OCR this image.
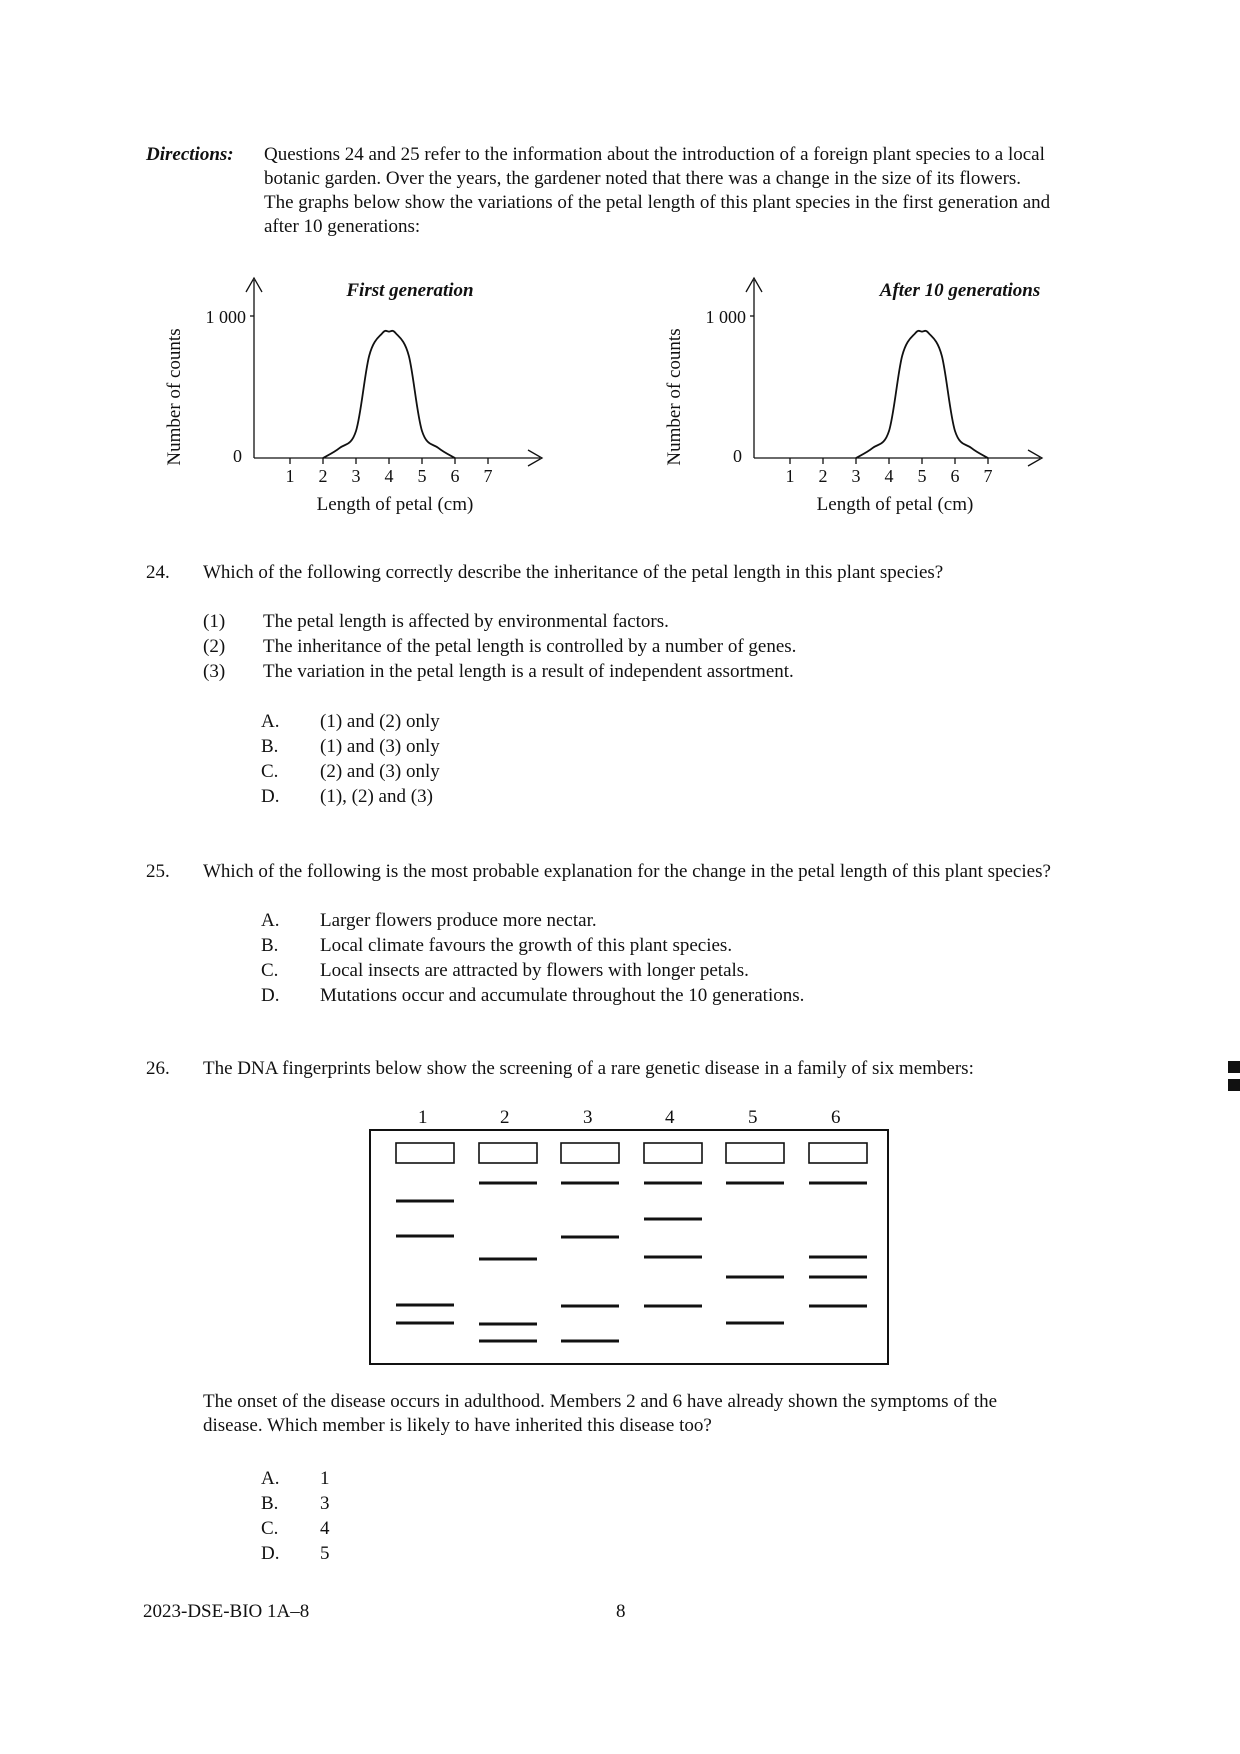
Directions: Questions 24 and 25 refer to the information about the introduction of a foreign plant species to a local
botanic garden. Over the years, the gardener noted that there was a change in the size of its flowers.
The graphs below show the variations of the petal length of this plant species in the first generation and
after 10 generations:
First generation
1 000
0
1 2 3 4 5 6 7
Length of petal (cm)
Number of counts
After 10 generations
1 000
0
1 2 3 4 5 6 7
Length of petal (cm)
Number of counts
24. Which of the following correctly describe the inheritance of the petal length in this plant species?
(1) The petal length is affected by environmental factors.
(2) The inheritance of the petal length is controlled by a number of genes.
(3) The variation in the petal length is a result of independent assortment.
A. (1) and (2) only
B. (1) and (3) only
C. (2) and (3) only
D. (1), (2) and (3)
25. Which of the following is the most probable explanation for the change in the petal length of this plant species?
A. Larger flowers produce more nectar.
B. Local climate favours the growth of this plant species.
C. Local insects are attracted by flowers with longer petals.
D. Mutations occur and accumulate throughout the 10 generations.
26. The DNA fingerprints below show the screening of a rare genetic disease in a family of six members:
1	2	3	4	5	6
The onset of the disease occurs in adulthood. Members 2 and 6 have already shown the symptoms of the
disease. Which member is likely to have inherited this disease too?
A. 1
B. 3
C. 4
D. 5
2023-DSE-BIO 1A–8	8
